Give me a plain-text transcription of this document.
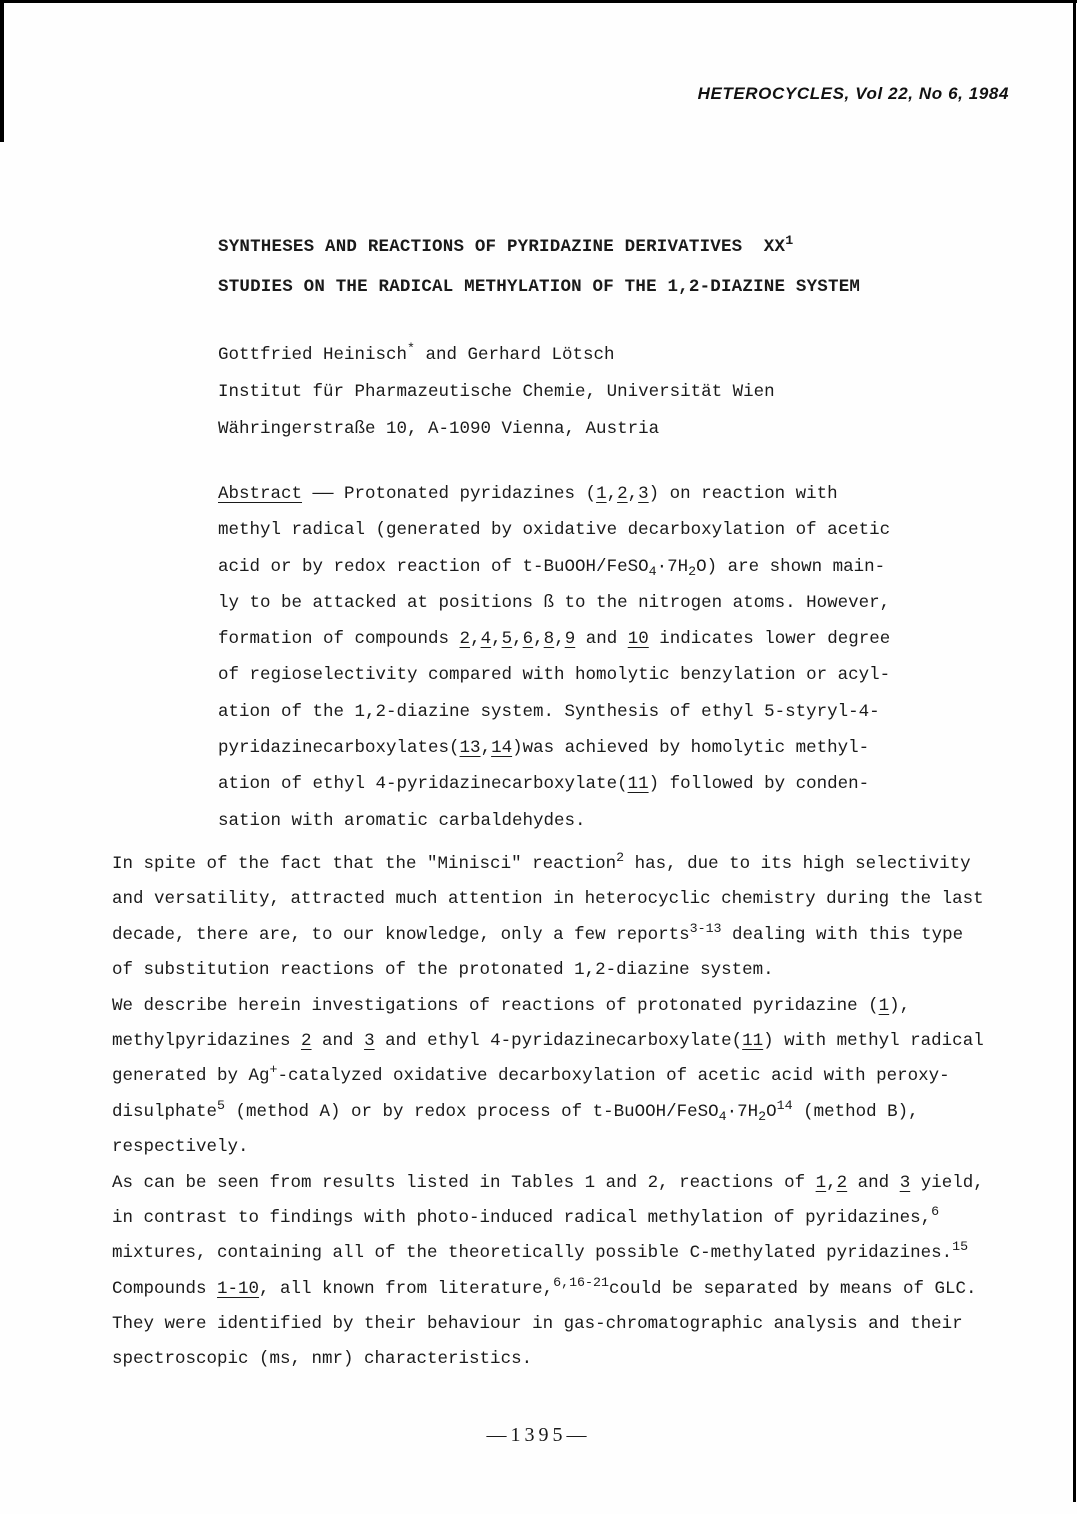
HETEROCYCLES, Vol 22, No 6, 1984
SYNTHESES AND REACTIONS OF PYRIDAZINE DERIVATIVES  $XX^1$
STUDIES ON THE RADICAL METHYLATION OF THE 1,2-DIAZINE SYSTEM
Gottfried Heinisch* and Gerhard Lötsch
Institut für Pharmazeutische Chemie, Universität Wien
Währingerstraße 10, A-1090 Vienna, Austria
Abstract —— Protonated pyridazines (1,2,3) on reaction with
methyl radical (generated by oxidative decarboxylation of acetic
acid or by redox reaction of $t-BuOOH/FeSO_4\cdot 7H_2O$) are shown main-
ly to be attacked at positions ß to the nitrogen atoms. However,
formation of compounds 2,4,5,6,8,9 and 10 indicates lower degree
of regioselectivity compared with homolytic benzylation or acyl-
ation of the 1,2-diazine system. Synthesis of ethyl 5-styryl-4-
pyridazinecarboxylates(13,14)was achieved by homolytic methyl-
ation of ethyl 4-pyridazinecarboxylate(11) followed by conden-
sation with aromatic carbaldehydes.
In spite of the fact that the "Minisci" reaction$^2$ has, due to its high selectivity
and versatility, attracted much attention in heterocyclic chemistry during the last
decade, there are, to our knowledge, only a few reports$^{3-13}$ dealing with this type
of substitution reactions of the protonated 1,2-diazine system.
We describe herein investigations of reactions of protonated pyridazine (1),
methylpyridazines 2 and 3 and ethyl 4-pyridazinecarboxylate(11) with methyl radical
generated by Ag+-catalyzed oxidative decarboxylation of acetic acid with peroxy-
disulphate$^5$ (method A) or by redox process of $t-BuOOH/FeSO_4\cdot 7H_2O^{14}$ (method B),
respectively.
As can be seen from results listed in Tables 1 and 2, reactions of 1,2 and 3 yield,
in contrast to findings with photo-induced radical methylation of pyridazines,$^6$
mixtures, containing all of the theoretically possible C-methylated pyridazines.$^{15}$
Compounds 1-10, all known from literature,$^{6,16-21}$could be separated by means of GLC.
They were identified by their behaviour in gas-chromatographic analysis and their
spectroscopic (ms, nmr) characteristics.
—1395—
